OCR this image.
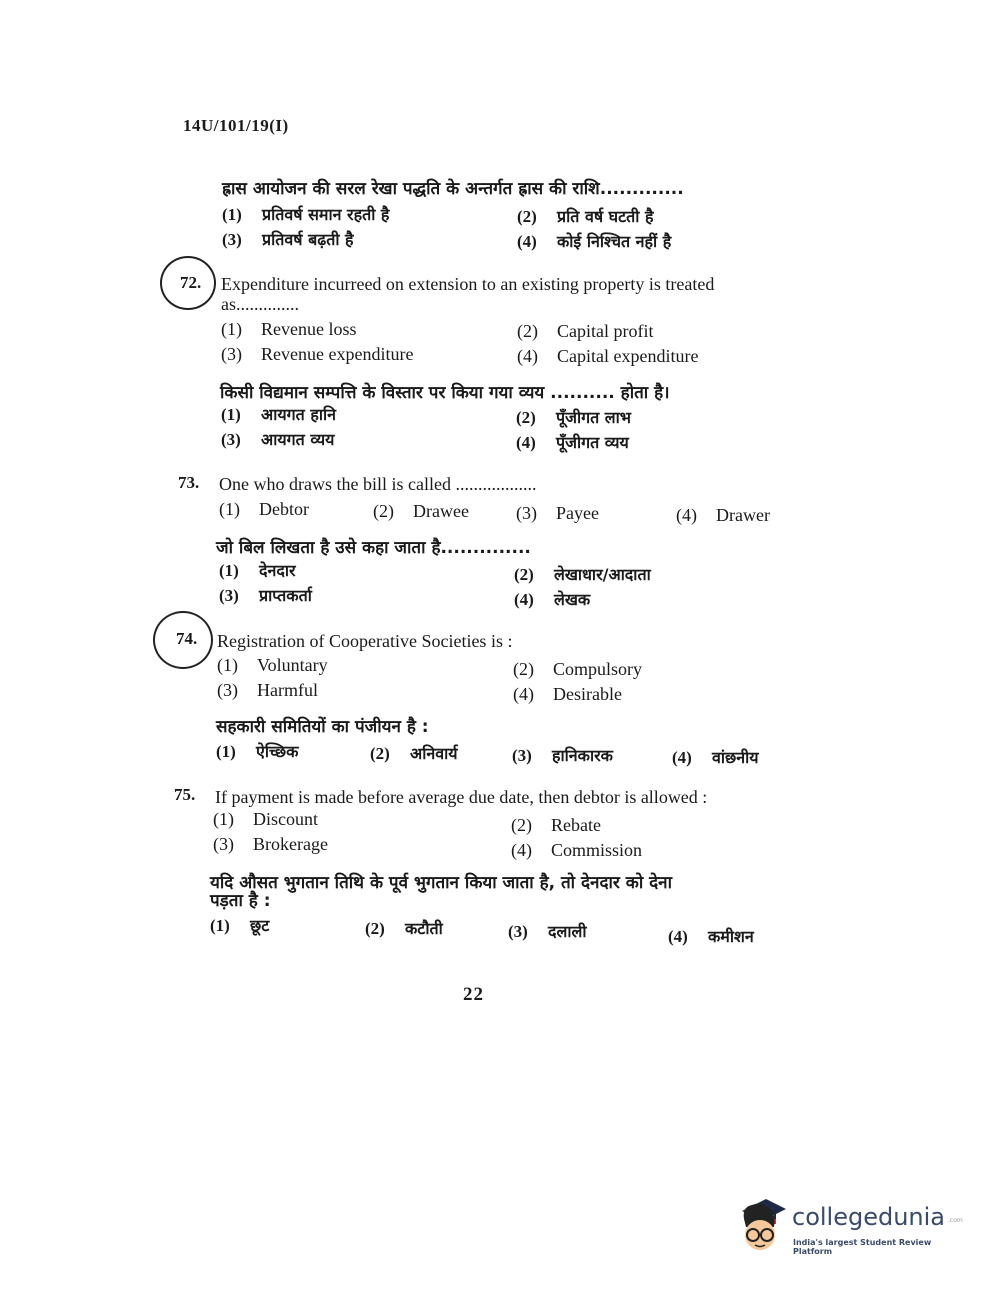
14U/101/19(I)
ह्रास आयोजन की सरल रेखा पद्धति के अन्तर्गत ह्रास की राशि.............
(1) प्रतिवर्ष समान रहती है	(2) प्रति वर्ष घटती है
(3) प्रतिवर्ष बढ़ती है	(4) कोई निश्चित नहीं है
72. Expenditure incurreed on extension to an existing property is treated
as..............
(1) Revenue loss	(2) Capital profit
(3) Revenue expenditure	(4) Capital expenditure
किसी विद्यमान सम्पत्ति के विस्तार पर किया गया व्यय .......... होता है।
(1) आयगत हानि	(2) पूँजीगत लाभ
(3) आयगत व्यय	(4) पूँजीगत व्यय
73. One who draws the bill is called ..................
(1) Debtor	(2) Drawee	(3) Payee	(4) Drawer
जो बिल लिखता है उसे कहा जाता है..............
(1) देनदार	(2) लेखाधार/आदाता
(3) प्राप्तकर्ता	(4) लेखक
74. Registration of Cooperative Societies is :
(1) Voluntary	(2) Compulsory
(3) Harmful	(4) Desirable
सहकारी समितियों का पंजीयन है :
(1) ऐच्छिक	(2) अनिवार्य	(3) हानिकारक	(4) वांछनीय
75. If payment is made before average due date, then debtor is allowed :
(1) Discount	(2) Rebate
(3) Brokerage	(4) Commission
यदि औसत भुगतान तिथि के पूर्व भुगतान किया जाता है, तो देनदार को देना
पड़ता है :
(1) छूट	(2) कटौती	(3) दलाली	(4) कमीशन
22
collegedunia .com
India's largest Student Review Platform
